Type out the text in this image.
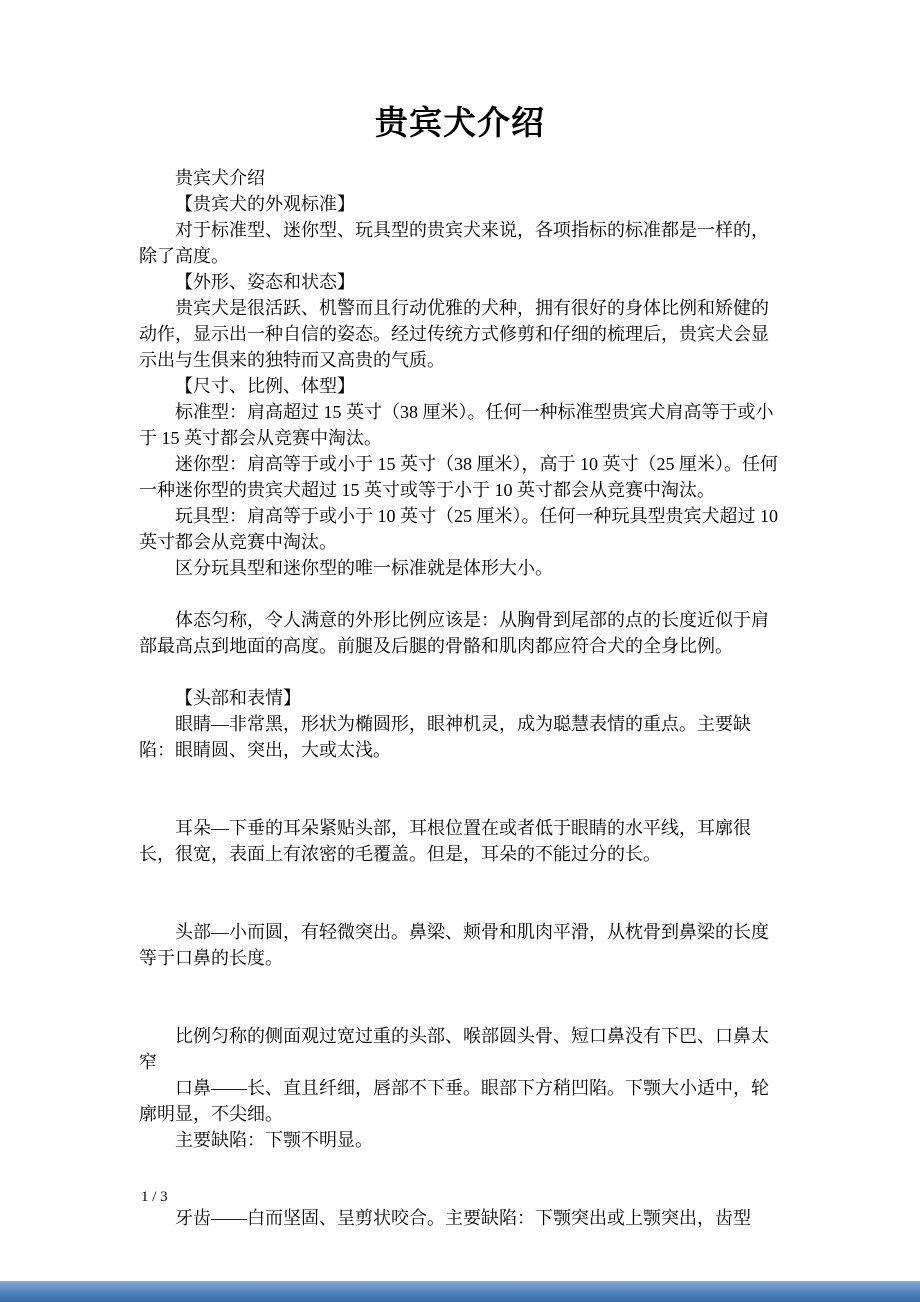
贵宾犬介绍

贵宾犬介绍

【贵宾犬的外观标准】

对于标准型、迷你型、玩具型的贵宾犬来说，各项指标的标准都是一样的，除了高度。

【外形、姿态和状态】

贵宾犬是很活跃、机警而且行动优雅的犬种，拥有很好的身体比例和矫健的动作，显示出一种自信的姿态。经过传统方式修剪和仔细的梳理后，贵宾犬会显示出与生俱来的独特而又高贵的气质。

【尺寸、比例、体型】

标准型：肩高超过 15 英寸（38 厘米）。任何一种标准型贵宾犬肩高等于或小于 15 英寸都会从竞赛中淘汰。

迷你型：肩高等于或小于 15 英寸（38 厘米），高于 10 英寸（25 厘米）。任何一种迷你型的贵宾犬超过 15 英寸或等于小于 10 英寸都会从竞赛中淘汰。

玩具型：肩高等于或小于 10 英寸（25 厘米）。任何一种玩具型贵宾犬超过 10 英寸都会从竞赛中淘汰。

区分玩具型和迷你型的唯一标准就是体形大小。

体态匀称，令人满意的外形比例应该是：从胸骨到尾部的点的长度近似于肩部最高点到地面的高度。前腿及后腿的骨骼和肌肉都应符合犬的全身比例。

【头部和表情】

眼睛—非常黑，形状为椭圆形，眼神机灵，成为聪慧表情的重点。主要缺陷：眼睛圆、突出，大或太浅。

耳朵—下垂的耳朵紧贴头部，耳根位置在或者低于眼睛的水平线，耳廓很长，很宽，表面上有浓密的毛覆盖。但是，耳朵的不能过分的长。

头部—小而圆，有轻微突出。鼻梁、颊骨和肌肉平滑，从枕骨到鼻梁的长度等于口鼻的长度。

比例匀称的侧面观过宽过重的头部、喉部圆头骨、短口鼻没有下巴、口鼻太窄

口鼻——长、直且纤细，唇部不下垂。眼部下方稍凹陷。下颚大小适中，轮廓明显，不尖细。

主要缺陷：下颚不明显。

牙齿——白而坚固、呈剪状咬合。主要缺陷：下颚突出或上颚突出，齿型

1 / 3
